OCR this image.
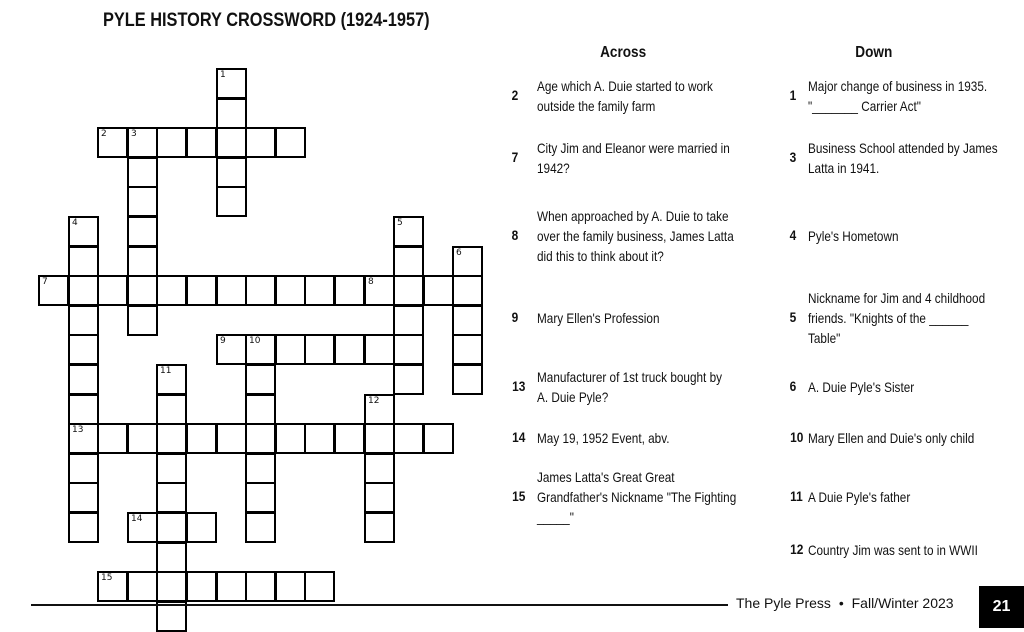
PYLE HISTORY CROSSWORD (1924-1957)
1
2	3
4
13
5
6
7	8
9	10
11
12
14
15
Across	Down
2
Age which A. Duie started to work
outside the family farm
7
City Jim and Eleanor were married in
1942?
8
When approached by A. Duie to take
over the family business, James Latta
did this to think about it?
9 Mary Ellen's Profession
13
Manufacturer of 1st truck bought by
A. Duie Pyle?
14 May 19, 1952 Event, abv.
15
James Latta's Great Great
Grandfather's Nickname "The Fighting
_____"
1
Major change of business in 1935.
"_______ Carrier Act"
3
Business School attended by James
Latta in 1941.
4 Pyle's Hometown
5
Nickname for Jim and 4 childhood
friends. "Knights of the ______
Table"
6 A. Duie Pyle's Sister
10 Mary Ellen and Duie's only child
11 A Duie Pyle's father
12 Country Jim was sent to in WWII
The Pyle Press • Fall/Winter 2023	21
